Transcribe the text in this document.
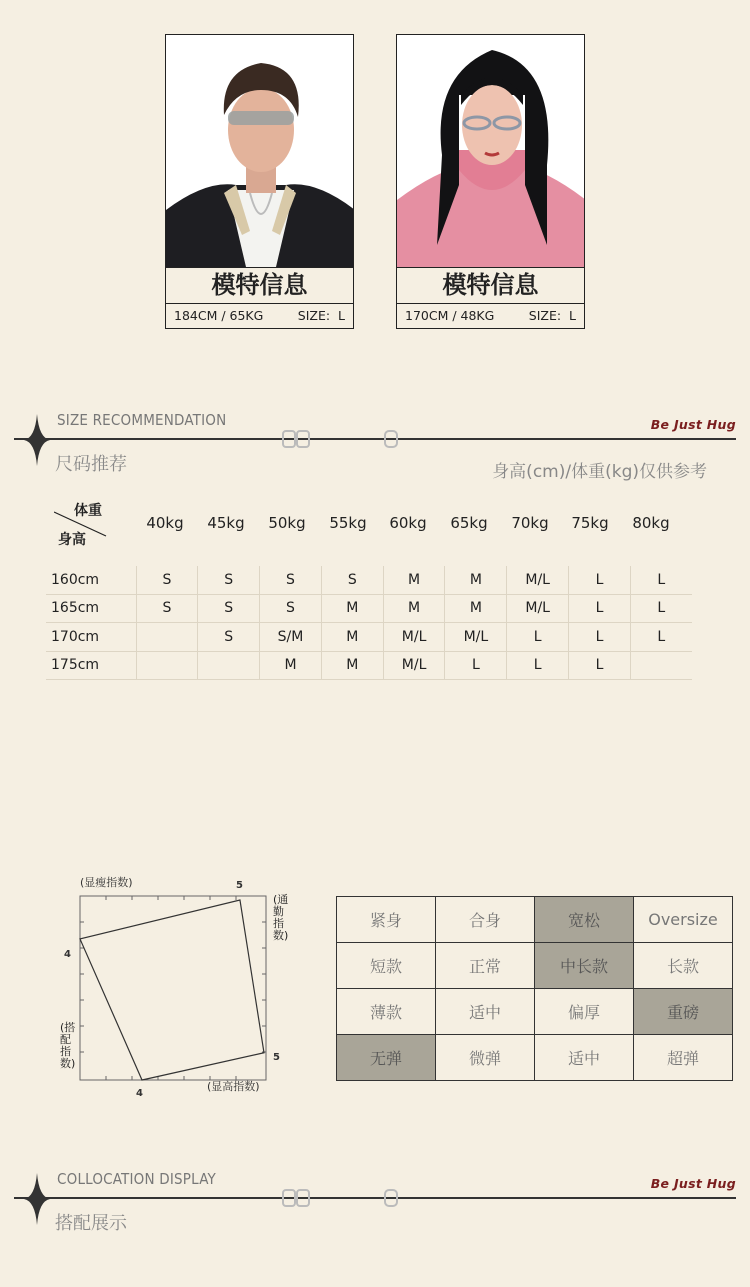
模特信息
184CM / 65KG	SIZE: L
模特信息
170CM / 48KG	SIZE: L
SIZE RECOMMENDATION	Be Just Hug
尺码推荐	身高(cm)/体重(kg)仅供参考
体重
身高
40kg	45kg	50kg	55kg	60kg	65kg	70kg	75kg	80kg
160cm	S	S	S	S	M	M	M/L	L	L
165cm	S	S	S	M	M	M	M/L	L	L
170cm		S	S/M	M	M/L	M/L	L	L	L
175cm			M	M	M/L	L	L	L	
(显瘦指数)
(显高指数)
5
4
5
4
(通勤指数)
(搭配指数)
紧身	合身	宽松	Oversize
短款	正常	中长款	长款
薄款	适中	偏厚	重磅
无弹	微弹	适中	超弹
COLLOCATION DISPLAY	Be Just Hug
搭配展示
